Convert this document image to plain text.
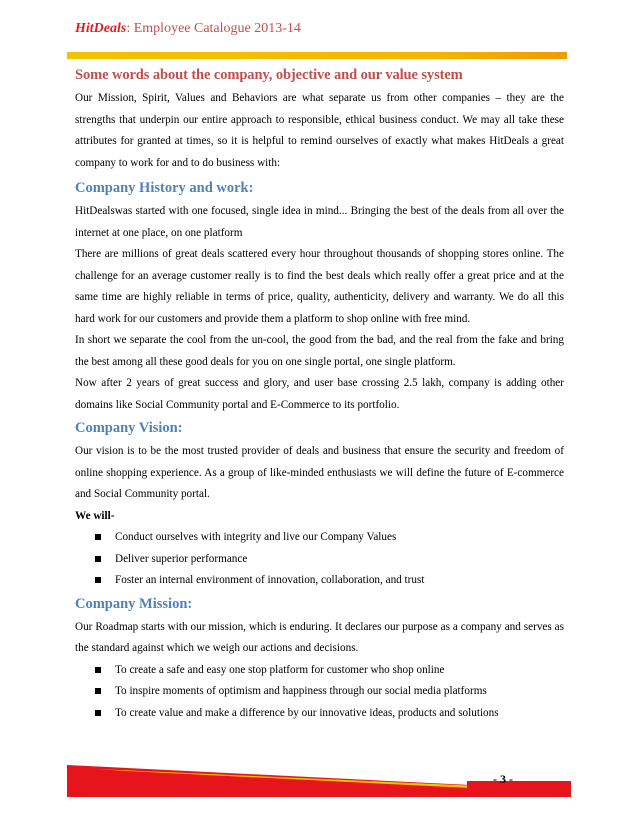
HitDeals: Employee Catalogue 2013-14
Some words about the company, objective and our value system

Our Mission, Spirit, Values and Behaviors are what separate us from other companies – they are the strengths that underpin our entire approach to responsible, ethical business conduct. We may all take these attributes for granted at times, so it is helpful to remind ourselves of exactly what makes HitDeals a great company to work for and to do business with:

Company History and work:

HitDealswas started with one focused, single idea in mind... Bringing the best of the deals from all over the internet at one place, on one platform

There are millions of great deals scattered every hour throughout thousands of shopping stores online. The challenge for an average customer really is to find the best deals which really offer a great price and at the same time are highly reliable in terms of price, quality, authenticity, delivery and warranty. We do all this hard work for our customers and provide them a platform to shop online with free mind.

In short we separate the cool from the un-cool, the good from the bad, and the real from the fake and bring the best among all these good deals for you on one single portal, one single platform.

Now after 2 years of great success and glory, and user base crossing 2.5 lakh, company is adding other domains like Social Community portal and E-Commerce to its portfolio.

Company Vision:

Our vision is to be the most trusted provider of deals and business that ensure the security and freedom of online shopping experience. As a group of like-minded enthusiasts we will define the future of E-commerce and Social Community portal.

We will-

Conduct ourselves with integrity and live our Company Values
Deliver superior performance
Foster an internal environment of innovation, collaboration, and trust
Company Mission:

Our Roadmap starts with our mission, which is enduring. It declares our purpose as a company and serves as the standard against which we weigh our actions and decisions.

To create a safe and easy one stop platform for customer who shop online
To inspire moments of optimism and happiness through our social media platforms
To create value and make a difference by our innovative ideas, products and solutions
- 3 -
